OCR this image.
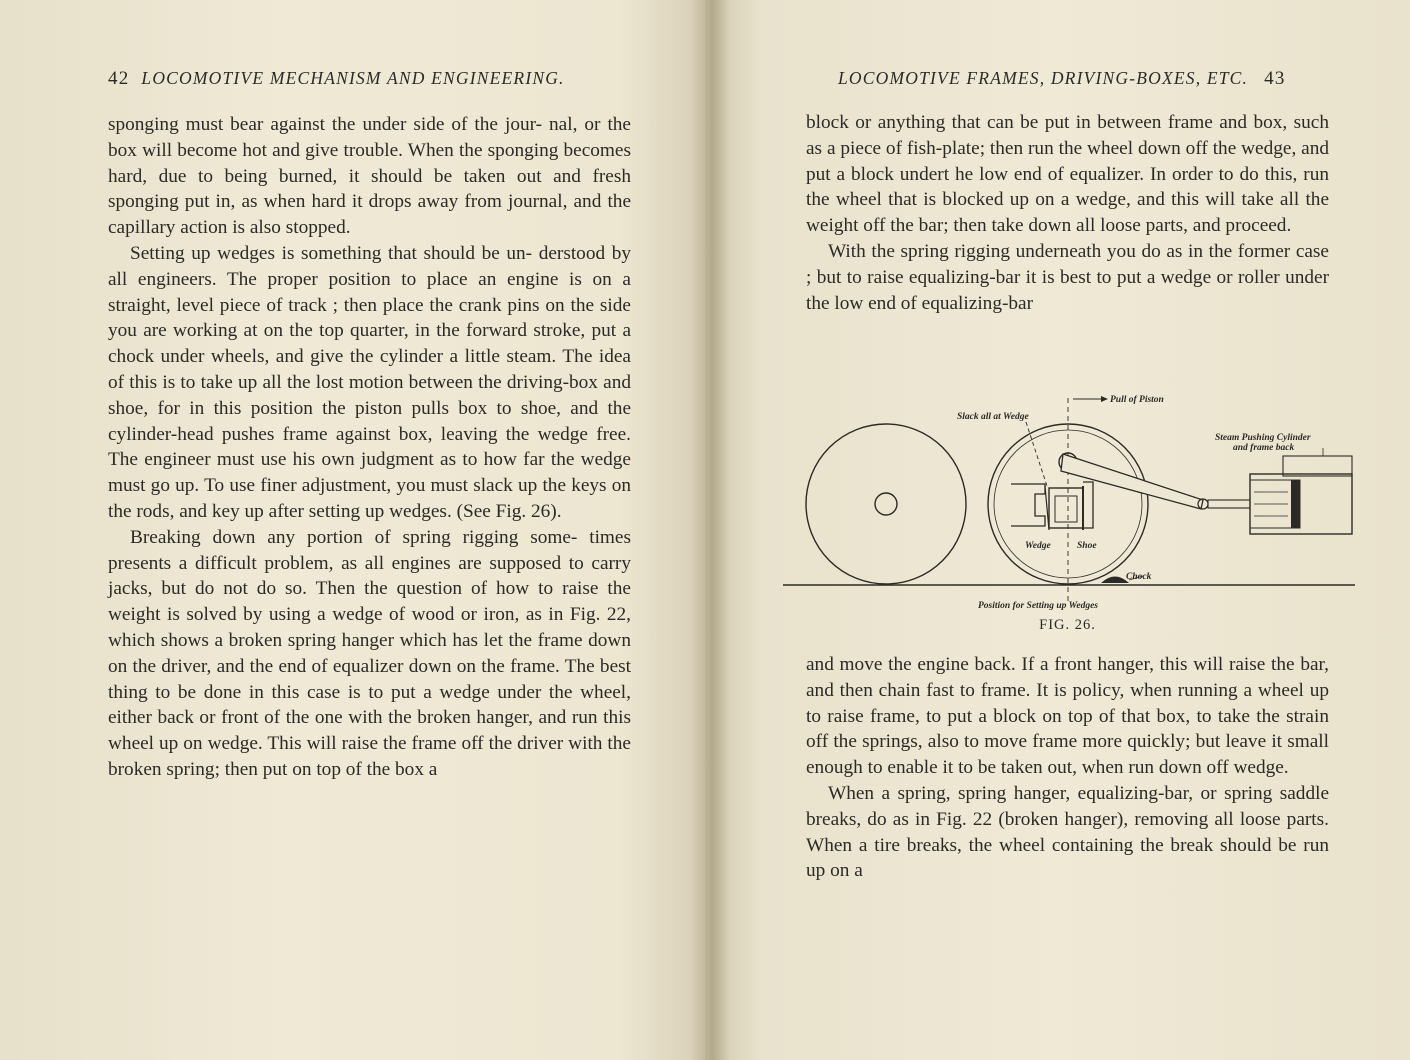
42 LOCOMOTIVE MECHANISM AND ENGINEERING.

sponging must bear against the under side of the jour- nal, or the box will become hot and give trouble. When the sponging becomes hard, due to being burned, it should be taken out and fresh sponging put in, as when hard it drops away from journal, and the capillary action is also stopped.

Setting up wedges is something that should be un- derstood by all engineers. The proper position to place an engine is on a straight, level piece of track ; then place the crank pins on the side you are working at on the top quarter, in the forward stroke, put a chock under wheels, and give the cylinder a little steam. The idea of this is to take up all the lost motion between the driving-box and shoe, for in this position the piston pulls box to shoe, and the cylinder-head pushes frame against box, leaving the wedge free. The engineer must use his own judgment as to how far the wedge must go up. To use finer adjustment, you must slack up the keys on the rods, and key up after setting up wedges. (See Fig. 26).

Breaking down any portion of spring rigging some- times presents a difficult problem, as all engines are supposed to carry jacks, but do not do so. Then the question of how to raise the weight is solved by using a wedge of wood or iron, as in Fig. 22, which shows a broken spring hanger which has let the frame down on the driver, and the end of equalizer down on the frame. The best thing to be done in this case is to put a wedge under the wheel, either back or front of the one with the broken hanger, and run this wheel up on wedge. This will raise the frame off the driver with the broken spring; then put on top of the box a

LOCOMOTIVE FRAMES, DRIVING-BOXES, ETC. 43

block or anything that can be put in between frame and box, such as a piece of fish-plate; then run the wheel down off the wedge, and put a block undert he low end of equalizer. In order to do this, run the wheel that is blocked up on a wedge, and this will take all the weight off the bar; then take down all loose parts, and proceed.

With the spring rigging underneath you do as in the former case ; but to raise equalizing-bar it is best to put a wedge or roller under the low end of equalizing-bar

Pull of Piston
Slack all at Wedge
Steam Pushing Cylinder
and frame back
Wedge	Shoe
Chock
Position for Setting up Wedges
FIG. 26.

and move the engine back. If a front hanger, this will raise the bar, and then chain fast to frame. It is policy, when running a wheel up to raise frame, to put a block on top of that box, to take the strain off the springs, also to move frame more quickly; but leave it small enough to enable it to be taken out, when run down off wedge.

When a spring, spring hanger, equalizing-bar, or spring saddle breaks, do as in Fig. 22 (broken hanger), removing all loose parts. When a tire breaks, the wheel containing the break should be run up on a
